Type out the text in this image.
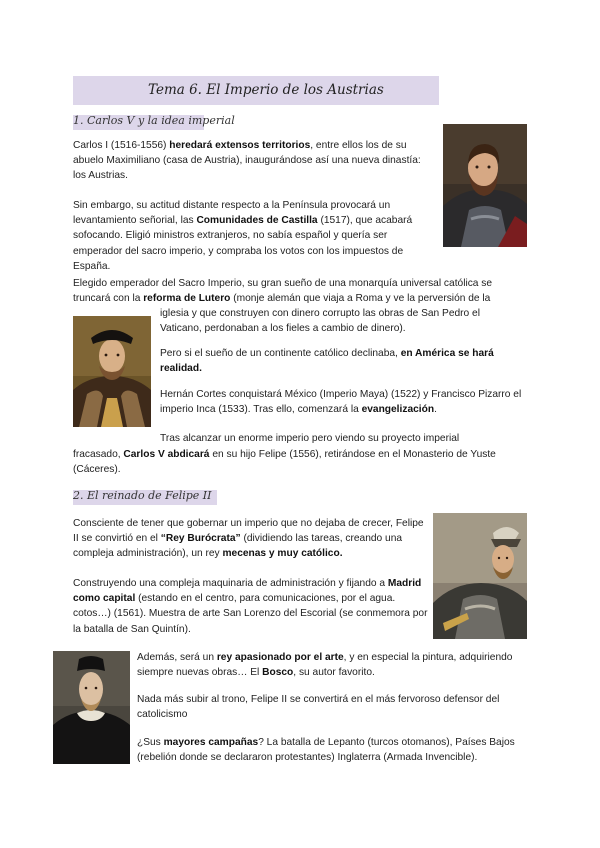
Tema 6. El Imperio de los Austrias
1. Carlos V y la idea imperial

Carlos I (1516-1556) heredará extensos territorios, entre ellos los de su abuelo Maximiliano (casa de Austria), inaugurándose así una nueva dinastía: los Austrias.

Sin embargo, su actitud distante respecto a la Península provocará un levantamiento señorial, las Comunidades de Castilla (1517), que acabará sofocando. Eligió ministros extranjeros, no sabía español y quería ser emperador del sacro imperio, y compraba los votos con los impuestos de España.

Elegido emperador del Sacro Imperio, su gran sueño de una monarquía universal católica se truncará con la reforma de Lutero (monje alemán que viaja a Roma y ve la perversión de la

iglesia y que construyen con dinero corrupto las obras de San Pedro el Vaticano, perdonaban a los fieles a cambio de dinero).

Pero si el sueño de un continente católico declinaba, en América se hará realidad.

Hernán Cortes conquistará México (Imperio Maya) (1522) y Francisco Pizarro el imperio Inca (1533). Tras ello, comenzará la evangelización.

Tras alcanzar un enorme imperio pero viendo su proyecto imperial

fracasado, Carlos V abdicará en su hijo Felipe (1556), retirándose en el Monasterio de Yuste (Cáceres).

2. El reinado de Felipe II

Consciente de tener que gobernar un imperio que no dejaba de crecer, Felipe II se convirtió en el “Rey Burócrata” (dividiendo las tareas, creando una compleja administración), un rey mecenas y muy católico.

Construyendo una compleja maquinaria de administración y fijando a Madrid como capital (estando en el centro, para comunicaciones, por el agua. cotos…) (1561). Muestra de arte San Lorenzo del Escorial (se conmemora por la batalla de San Quintín).

Además, será un rey apasionado por el arte, y en especial la pintura, adquiriendo siempre nuevas obras… El Bosco, su autor favorito.

Nada más subir al trono, Felipe II se convertirá en el más fervoroso defensor del catolicismo

¿Sus mayores campañas? La batalla de Lepanto (turcos otomanos), Países Bajos (rebelión donde se declararon protestantes) Inglaterra (Armada Invencible).
